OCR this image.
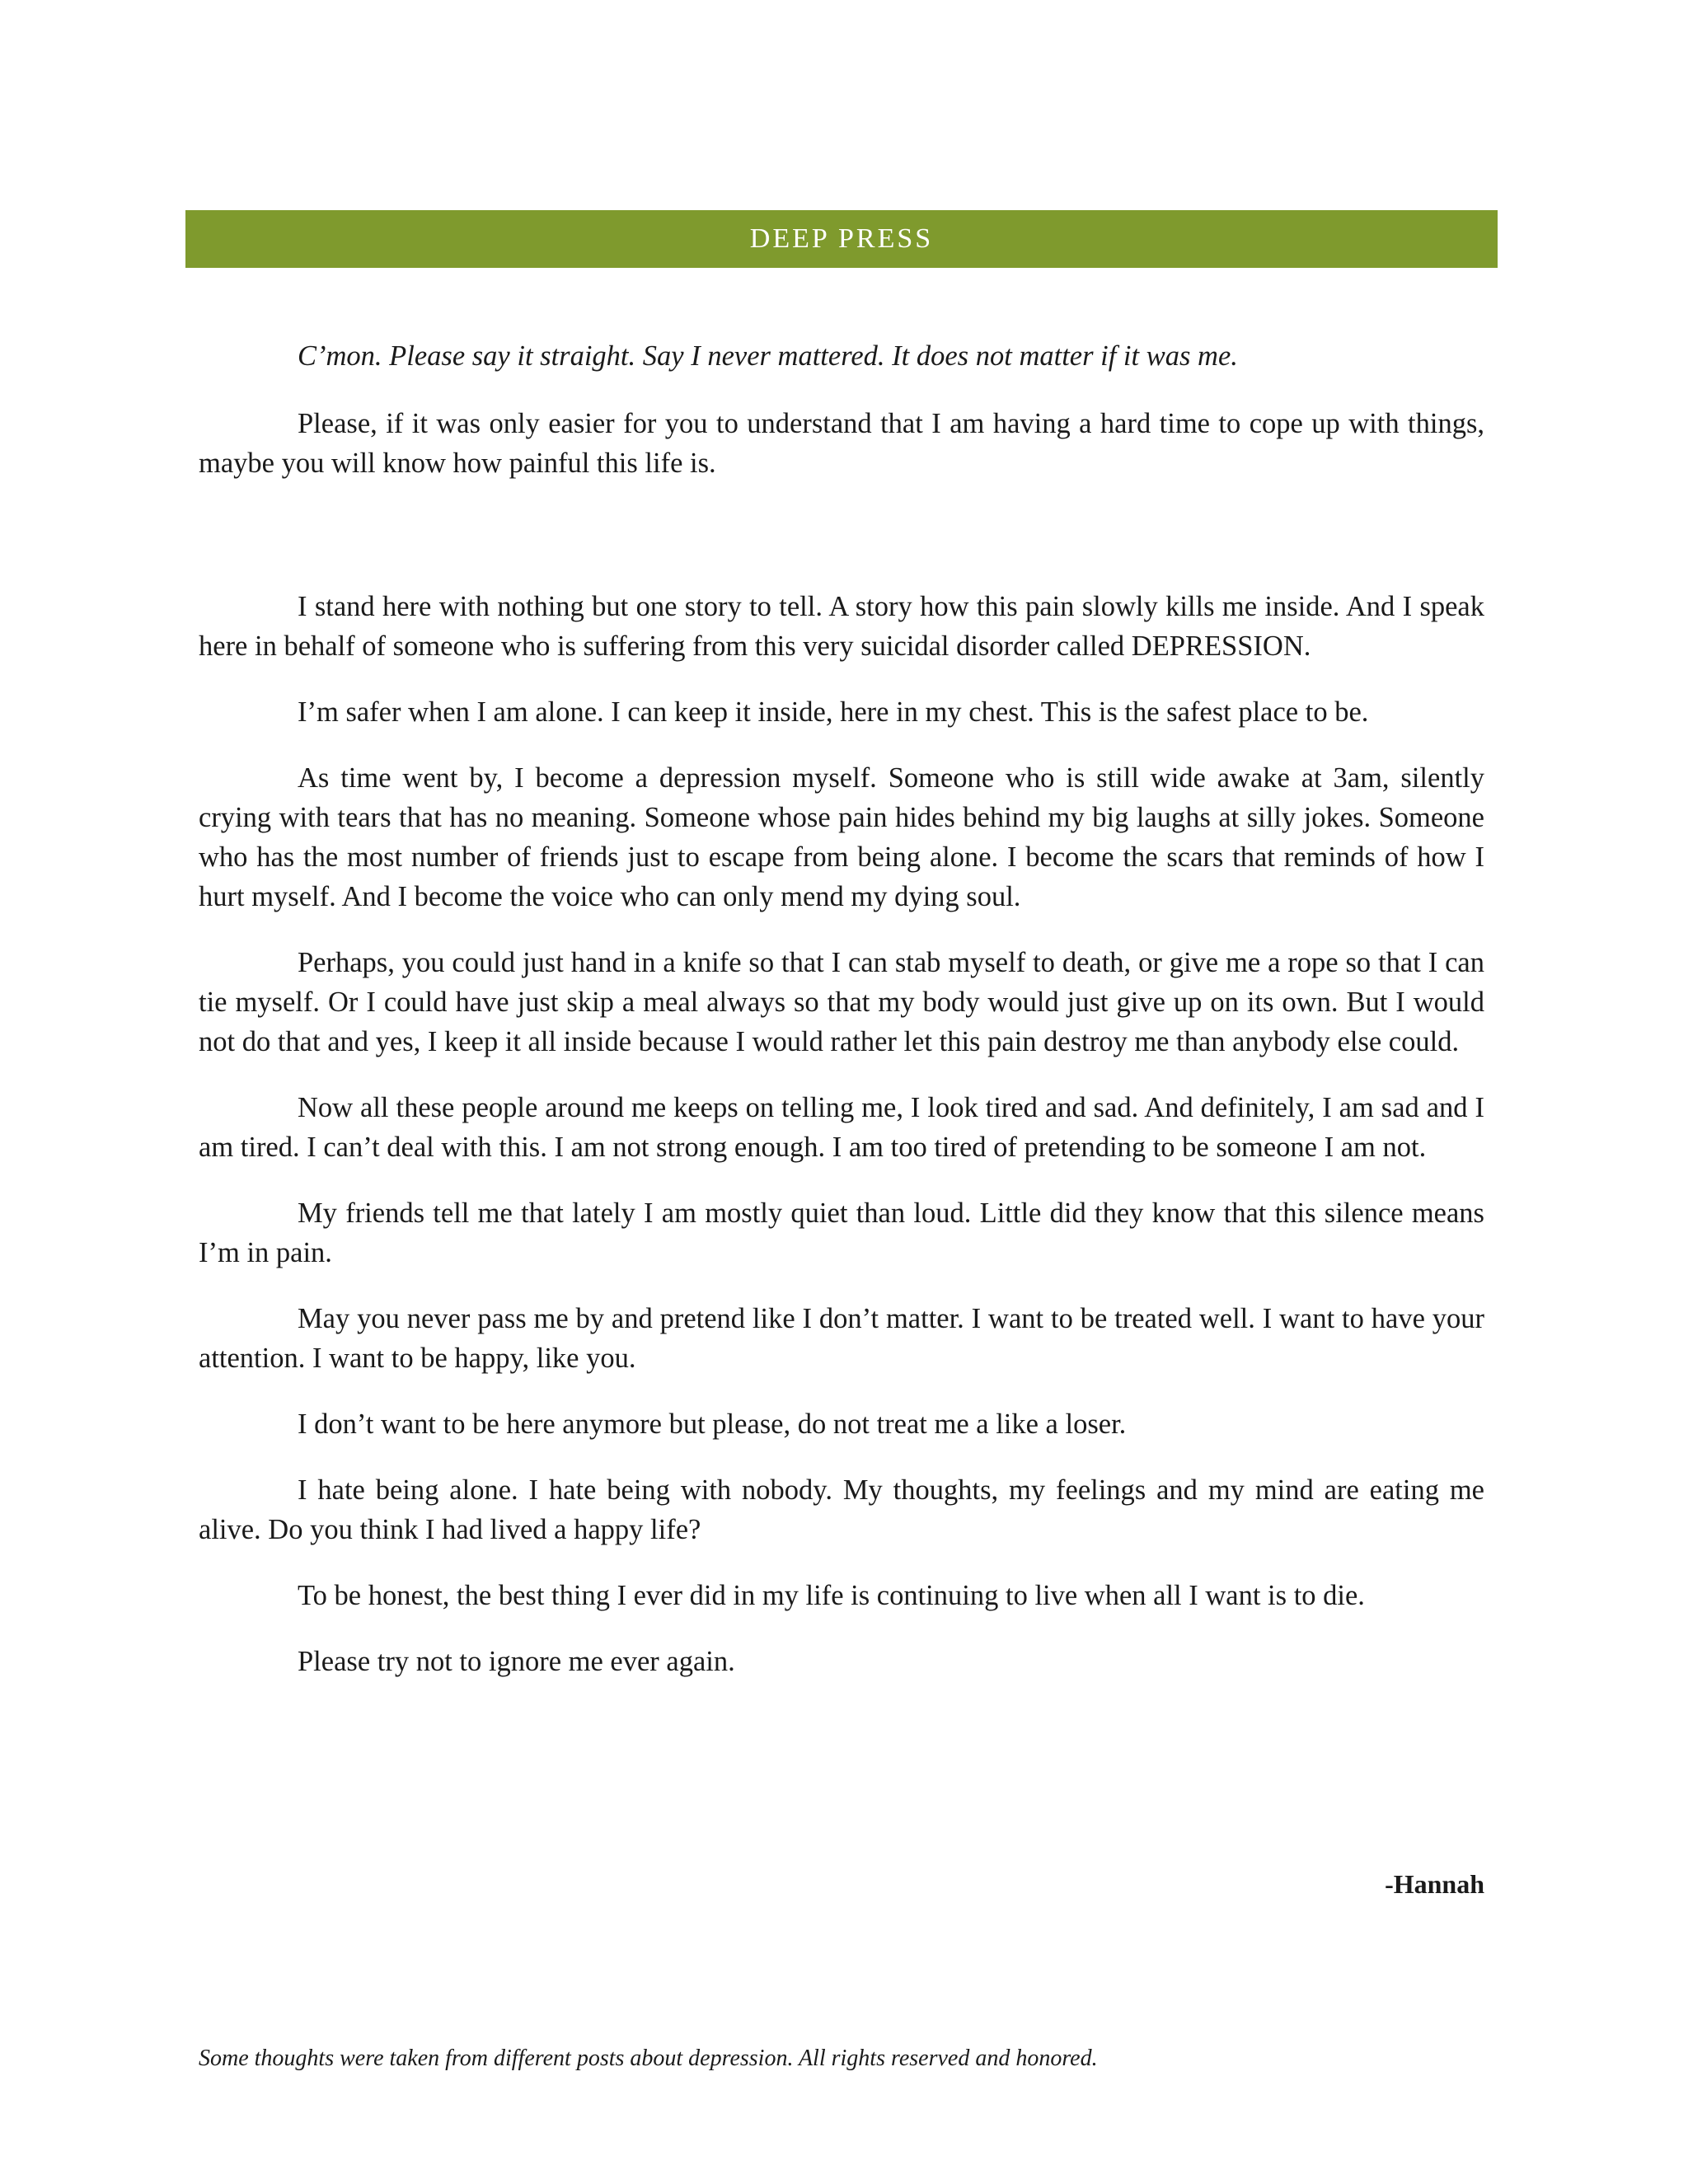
DEEP PRESS

C’mon. Please say it straight. Say I never mattered. It does not matter if it was me.

Please, if it was only easier for you to understand that I am having a hard time to cope up with things, maybe you will know how painful this life is.

I stand here with nothing but one story to tell. A story how this pain slowly kills me inside. And I speak here in behalf of someone who is suffering from this very suicidal disorder called DEPRESSION.

I’m safer when I am alone. I can keep it inside, here in my chest. This is the safest place to be.

As time went by, I become a depression myself. Someone who is still wide awake at 3am, silently crying with tears that has no meaning. Someone whose pain hides behind my big laughs at silly jokes. Someone who has the most number of friends just to escape from being alone. I become the scars that reminds of how I hurt myself. And I become the voice who can only mend my dying soul.

Perhaps, you could just hand in a knife so that I can stab myself to death, or give me a rope so that I can tie myself. Or I could have just skip a meal always so that my body would just give up on its own. But I would not do that and yes, I keep it all inside because I would rather let this pain destroy me than anybody else could.

Now all these people around me keeps on telling me, I look tired and sad. And definitely, I am sad and I am tired. I can’t deal with this. I am not strong enough. I am too tired of pretending to be someone I am not.

My friends tell me that lately I am mostly quiet than loud. Little did they know that this silence means I’m in pain.

May you never pass me by and pretend like I don’t matter. I want to be treated well. I want to have your attention. I want to be happy, like you.

I don’t want to be here anymore but please, do not treat me a like a loser.

I hate being alone. I hate being with nobody. My thoughts, my feelings and my mind are eating me alive. Do you think I had lived a happy life?

To be honest, the best thing I ever did in my life is continuing to live when all I want is to die.

Please try not to ignore me ever again.

-Hannah
Some thoughts were taken from different posts about depression. All rights reserved and honored.
